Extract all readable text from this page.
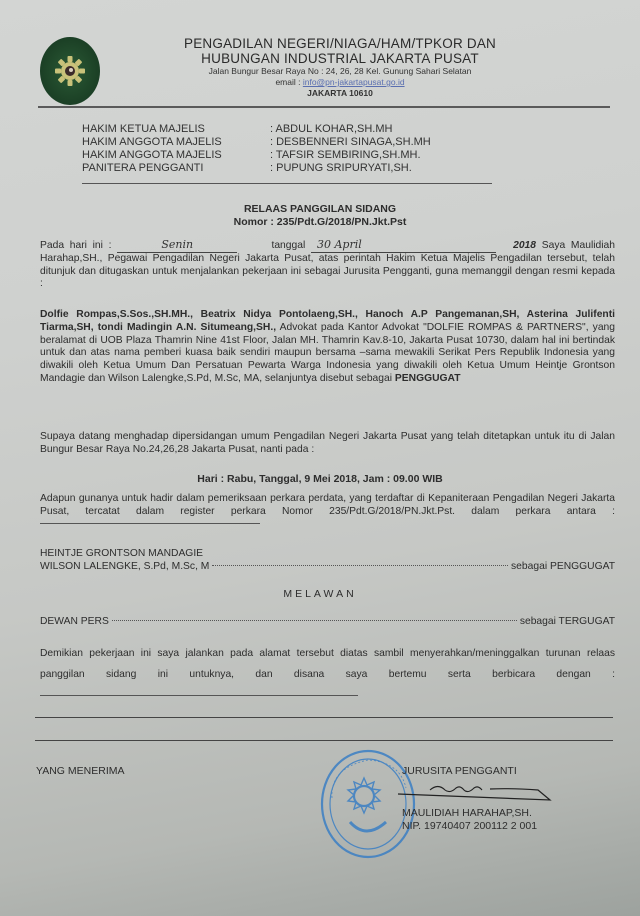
PENGADILAN NEGERI/NIAGA/HAM/TPKOR DAN
HUBUNGAN INDUSTRIAL JAKARTA PUSAT
Jalan Bungur Besar Raya No : 24, 26, 28 Kel. Gunung Sahari Selatan
email : info@pn-jakartapusat.go.id
JAKARTA 10610
HAKIM KETUA MAJELIS	: ABDUL KOHAR,SH.MH
HAKIM ANGGOTA MAJELIS	: DESBENNERI SINAGA,SH.MH
HAKIM ANGGOTA MAJELIS	: TAFSIR SEMBIRING,SH.MH.
PANITERA PENGGANTI	: PUPUNG SRIPURYATI,SH.
RELAAS PANGGILAN SIDANG
Nomor : 235/Pdt.G/2018/PN.Jkt.Pst
Pada hari ini :	Senin	tanggal 30 April	2018 Saya Maulidiah Harahap,SH., Pegawai Pengadilan Negeri Jakarta Pusat, atas perintah Hakim Ketua Majelis Pengadilan tersebut, telah ditunjuk dan ditugaskan untuk menjalankan pekerjaan ini sebagai Jurusita Pengganti, guna memanggil dengan resmi kepada :
Dolfie Rompas,S.Sos.,SH.MH., Beatrix Nidya Pontolaeng,SH., Hanoch A.P Pangemanan,SH, Asterina Julifenti Tiarma,SH, tondi Madingin A.N. Situmeang,SH., Advokat pada Kantor Advokat "DOLFIE ROMPAS & PARTNERS", yang beralamat di UOB Plaza Thamrin Nine 41st Floor, Jalan MH. Thamrin Kav.8-10, Jakarta Pusat 10730, dalam hal ini bertindak untuk dan atas nama pemberi kuasa baik sendiri maupun bersama –sama mewakili Serikat Pers Republik Indonesia yang diwakili oleh Ketua Umum Dan Persatuan Pewarta Warga Indonesia yang diwakili oleh Ketua Umum Heintje Grontson Mandagie dan Wilson Lalengke,S.Pd, M.Sc, MA, selanjuntya disebut sebagai PENGGUGAT
Supaya datang menghadap dipersidangan umum Pengadilan Negeri Jakarta Pusat yang telah ditetapkan untuk itu di Jalan Bungur Besar Raya No.24,26,28 Jakarta Pusat, nanti pada :
Hari : Rabu, Tanggal, 9 Mei 2018, Jam : 09.00 WIB
Adapun gunanya untuk hadir dalam pemeriksaan perkara perdata, yang terdaftar di Kepaniteraan Pengadilan Negeri Jakarta Pusat, tercatat dalam register perkara Nomor 235/Pdt.G/2018/PN.Jkt.Pst. dalam perkara antara :
HEINTJE GRONTSON MANDAGIE
WILSON LALENGKE, S.Pd, M.Sc, M	sebagai PENGGUGAT
MELAWAN
DEWAN PERS	sebagai TERGUGAT
Demikian pekerjaan ini saya jalankan pada alamat tersebut diatas sambil menyerahkan/meninggalkan turunan relaas panggilan sidang ini untuknya, dan disana saya bertemu serta berbicara dengan :
YANG MENERIMA	JURUSITA PENGGANTI
MAULIDIAH HARAHAP,SH.
NIP. 19740407 200112 2 001
